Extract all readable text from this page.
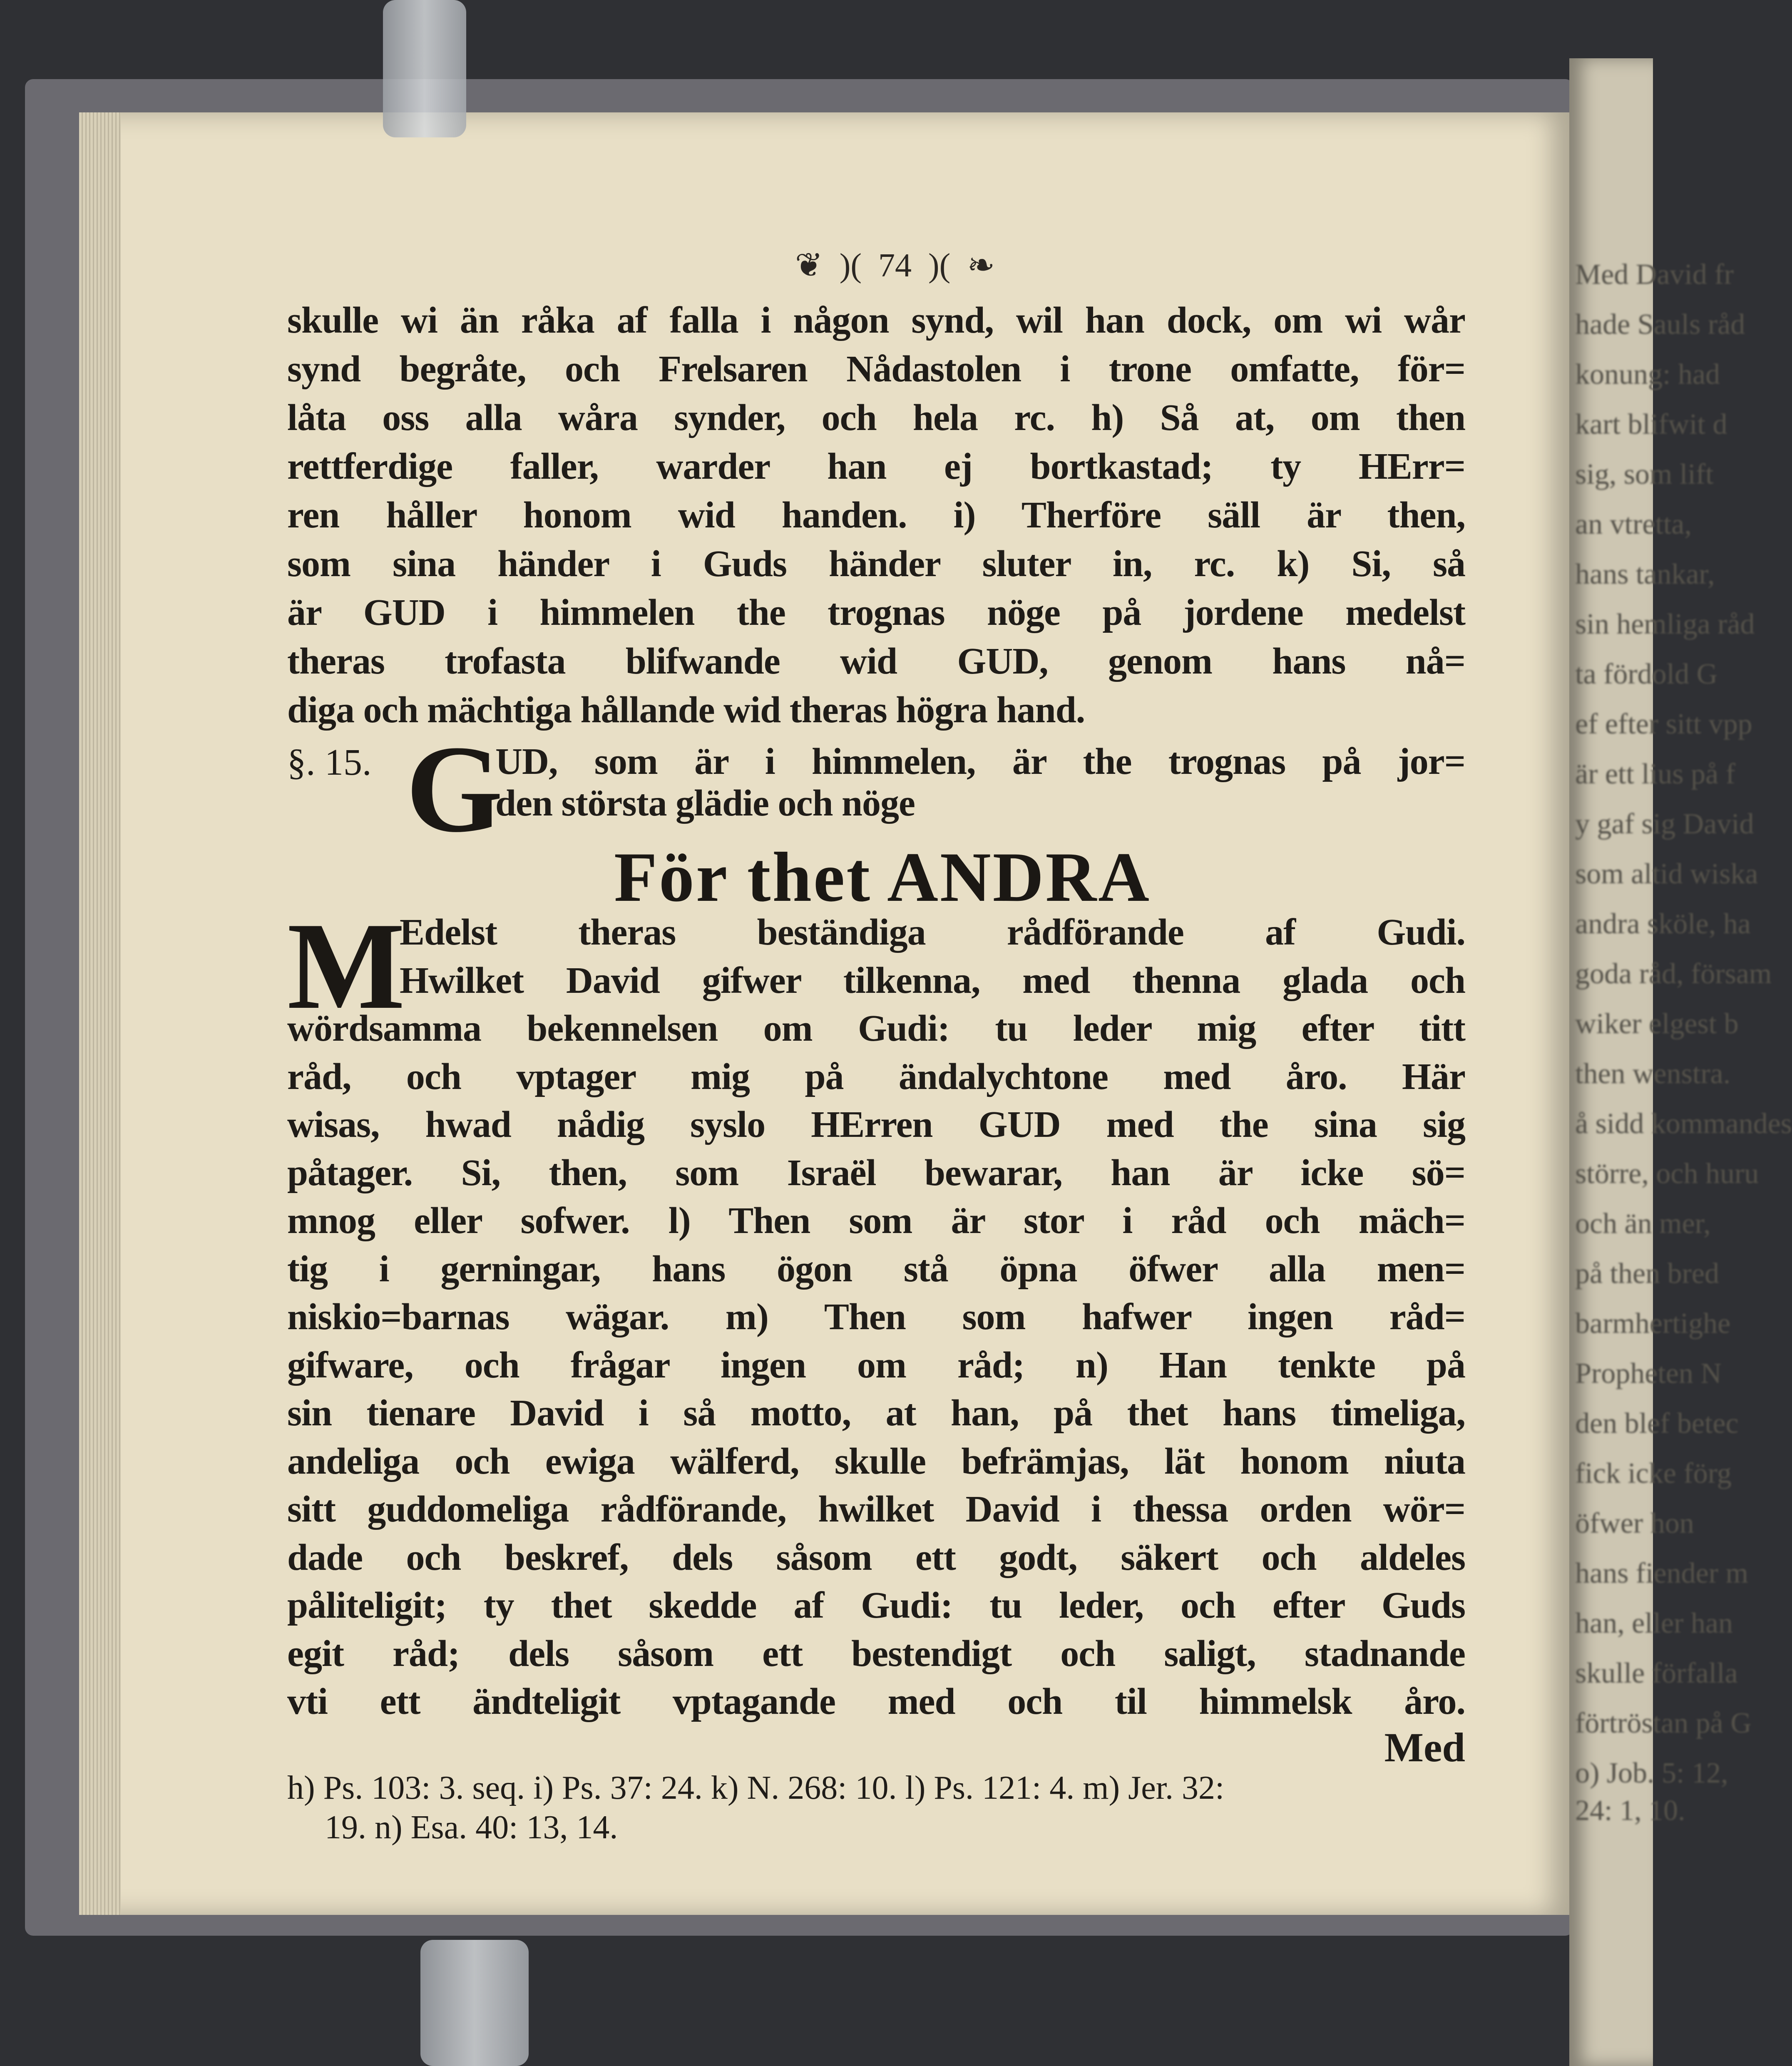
Med David fr
hade Sauls råd
konung: had
kart blifwit d
sig, som lift
an vtretta,
hans tankar,
sin hemliga råd
ta fördold G
ef efter sitt vpp
är ett lius på f
y gaf sig David
som altid wiska
andra sköle, ha
goda råd, försam
wiker elgest b
then wenstra.
å sidd kommandes
större, och huru
och än mer,
på then bred
barmhertighe
Propheten N
den blef betec
fick icke förg
öfwer hon
hans fiender m
han, eller han
skulle förfalla
förtröstan på G
o) Job. 5: 12,
24: 1, 10.
❦ )( 74 )( ❧
skulle wi än råka af falla i någon synd, wil han dock, om wi wår
synd begråte, och Frelsaren Nådastolen i trone omfatte, för=
låta oss alla wåra synder, och hela rc. h) Så at, om then
rettferdige faller, warder han ej bortkastad; ty HErr=
ren håller honom wid handen. i) Therföre säll är then,
som sina händer i Guds händer sluter in, rc. k) Si, så
är GUD i himmelen the trognas nöge på jordene medelst
theras trofasta blifwande wid GUD, genom hans nå=
diga och mächtiga hållande wid theras högra hand.
§. 15. G
UD, som är i himmelen, är the trognas på jor=
den största glädie och nöge
För thet ANDRA
M
Edelst theras beständiga rådförande af Gudi.
Hwilket David gifwer tilkenna, med thenna glada och
wördsamma bekennelsen om Gudi: tu leder mig efter titt
råd, och vptager mig på ändalychtone med åro. Här
wisas, hwad nådig syslo HErren GUD med the sina sig
påtager. Si, then, som Israël bewarar, han är icke sö=
mnog eller sofwer. l) Then som är stor i råd och mäch=
tig i gerningar, hans ögon stå öpna öfwer alla men=
niskio=barnas wägar. m) Then som hafwer ingen råd=
gifware, och frågar ingen om råd; n) Han tenkte på
sin tienare David i så motto, at han, på thet hans timeliga,
andeliga och ewiga wälferd, skulle befrämjas, lät honom niuta
sitt guddomeliga rådförande, hwilket David i thessa orden wör=
dade och beskref, dels såsom ett godt, säkert och aldeles
påliteligit; ty thet skedde af Gudi: tu leder, och efter Guds
egit råd; dels såsom ett bestendigt och saligt, stadnande
vti ett ändteligit vptagande med och til himmelsk åro.
Med
h) Ps. 103: 3. seq. i) Ps. 37: 24. k) N. 268: 10. l) Ps. 121: 4. m) Jer. 32:
19. n) Esa. 40: 13, 14.
